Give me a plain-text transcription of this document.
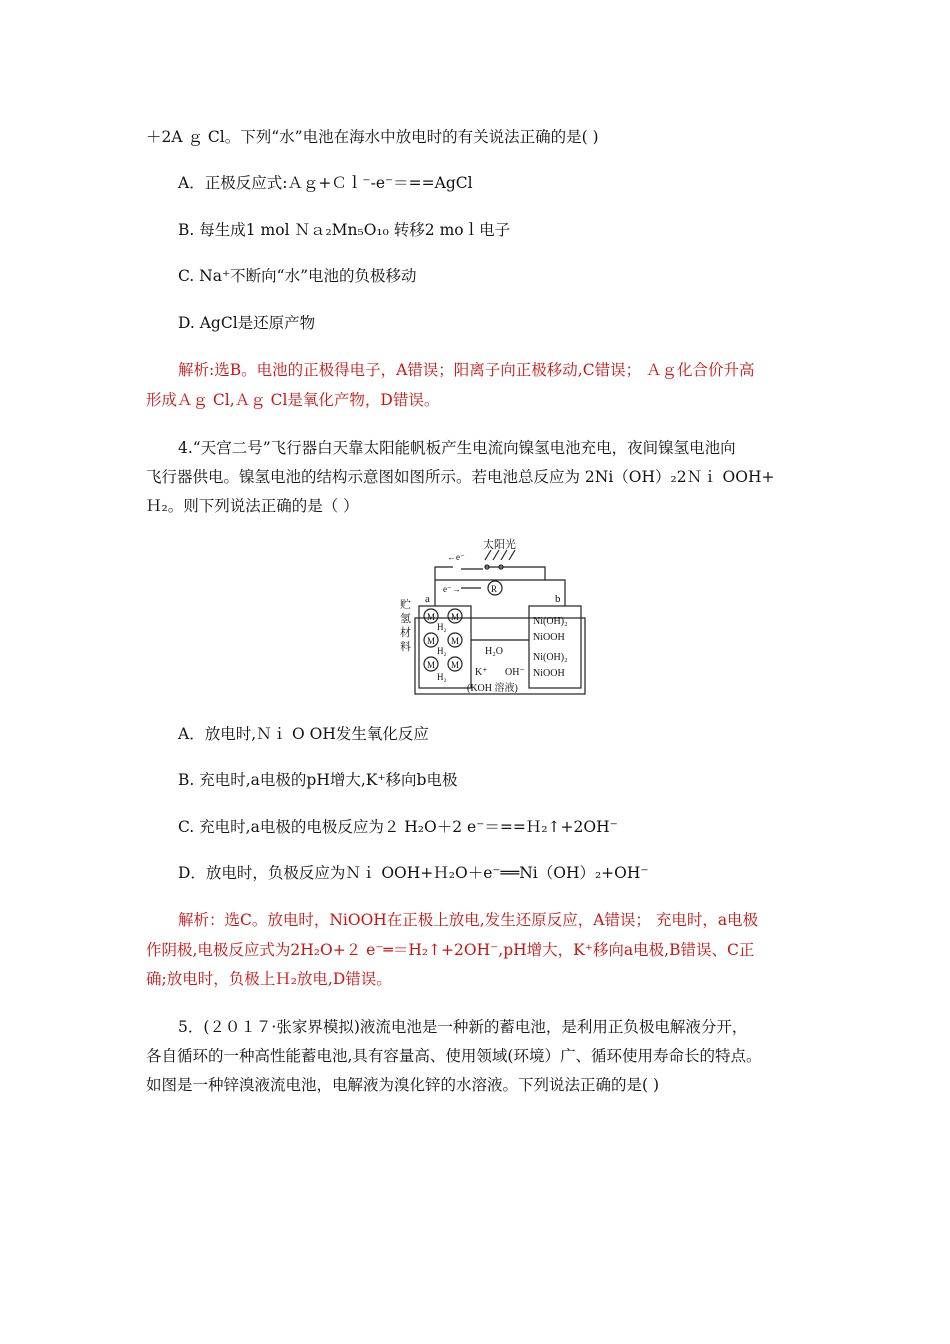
＋2A ｇ Cl。下列“水”电池在海水中放电时的有关说法正确的是( )
A．正极反应式:Ａｇ+Ｃｌ⁻-e⁻＝==AgCl
B. 每生成1 mol Ｎａ₂Mn₅O₁₀ 转移2 moｌ电子
C. Na⁺不断向“水”电池的负极移动
D. AgCl是还原产物
解析:选B。电池的正极得电子，A错误；阳离子向正极移动,C错误； Ａｇ化合价升高
形成Ａｇ Cl,Ａｇ Cl是氧化产物，D错误。
4.“天宫二号”飞行器白天靠太阳能帆板产生电流向镍氢电池充电，夜间镍氢电池向
飞行器供电。镍氢电池的结构示意图如图所示。若电池总反应为 2Ni（OH）₂2Ｎｉ OOH+
Ｈ₂。则下列说法正确的是（ ）
太阳光
←e⁻
e⁻→	R
a	b
贮
氢
材
料
M M
M M
M M
H₂
H₂
H₂
H₂O
K⁺ OH⁻
(KOH 溶液)
Ni(OH)₂
NiOOH
Ni(OH)₂
NiOOH
A．放电时,Ｎｉ O OH发生氧化反应
B. 充电时,a电极的pH增大,K⁺移向b电极
C. 充电时,a电极的电极反应为２ H₂O＋2 e⁻＝==Ｈ₂↑+2OH⁻
D．放电时，负极反应为Ｎｉ OOH+Ｈ₂O＋e⁻══Ni（OH）₂+OH⁻
解析：选C。放电时，NiOOH在正极上放电,发生还原反应，A错误； 充电时，a电极
作阴极,电极反应式为2H₂O+２ e⁻═＝H₂↑+2OH⁻,pH增大，K⁺移向a电极,B错误、C正
确;放电时，负极上Ｈ₂放电,D错误。
5．(２０１７·张家界模拟)液流电池是一种新的蓄电池，是利用正负极电解液分开，
各自循环的一种高性能蓄电池,具有容量高、使用领域(环境）广、循环使用寿命长的特点。
如图是一种锌溴液流电池，电解液为溴化锌的水溶液。下列说法正确的是( )
